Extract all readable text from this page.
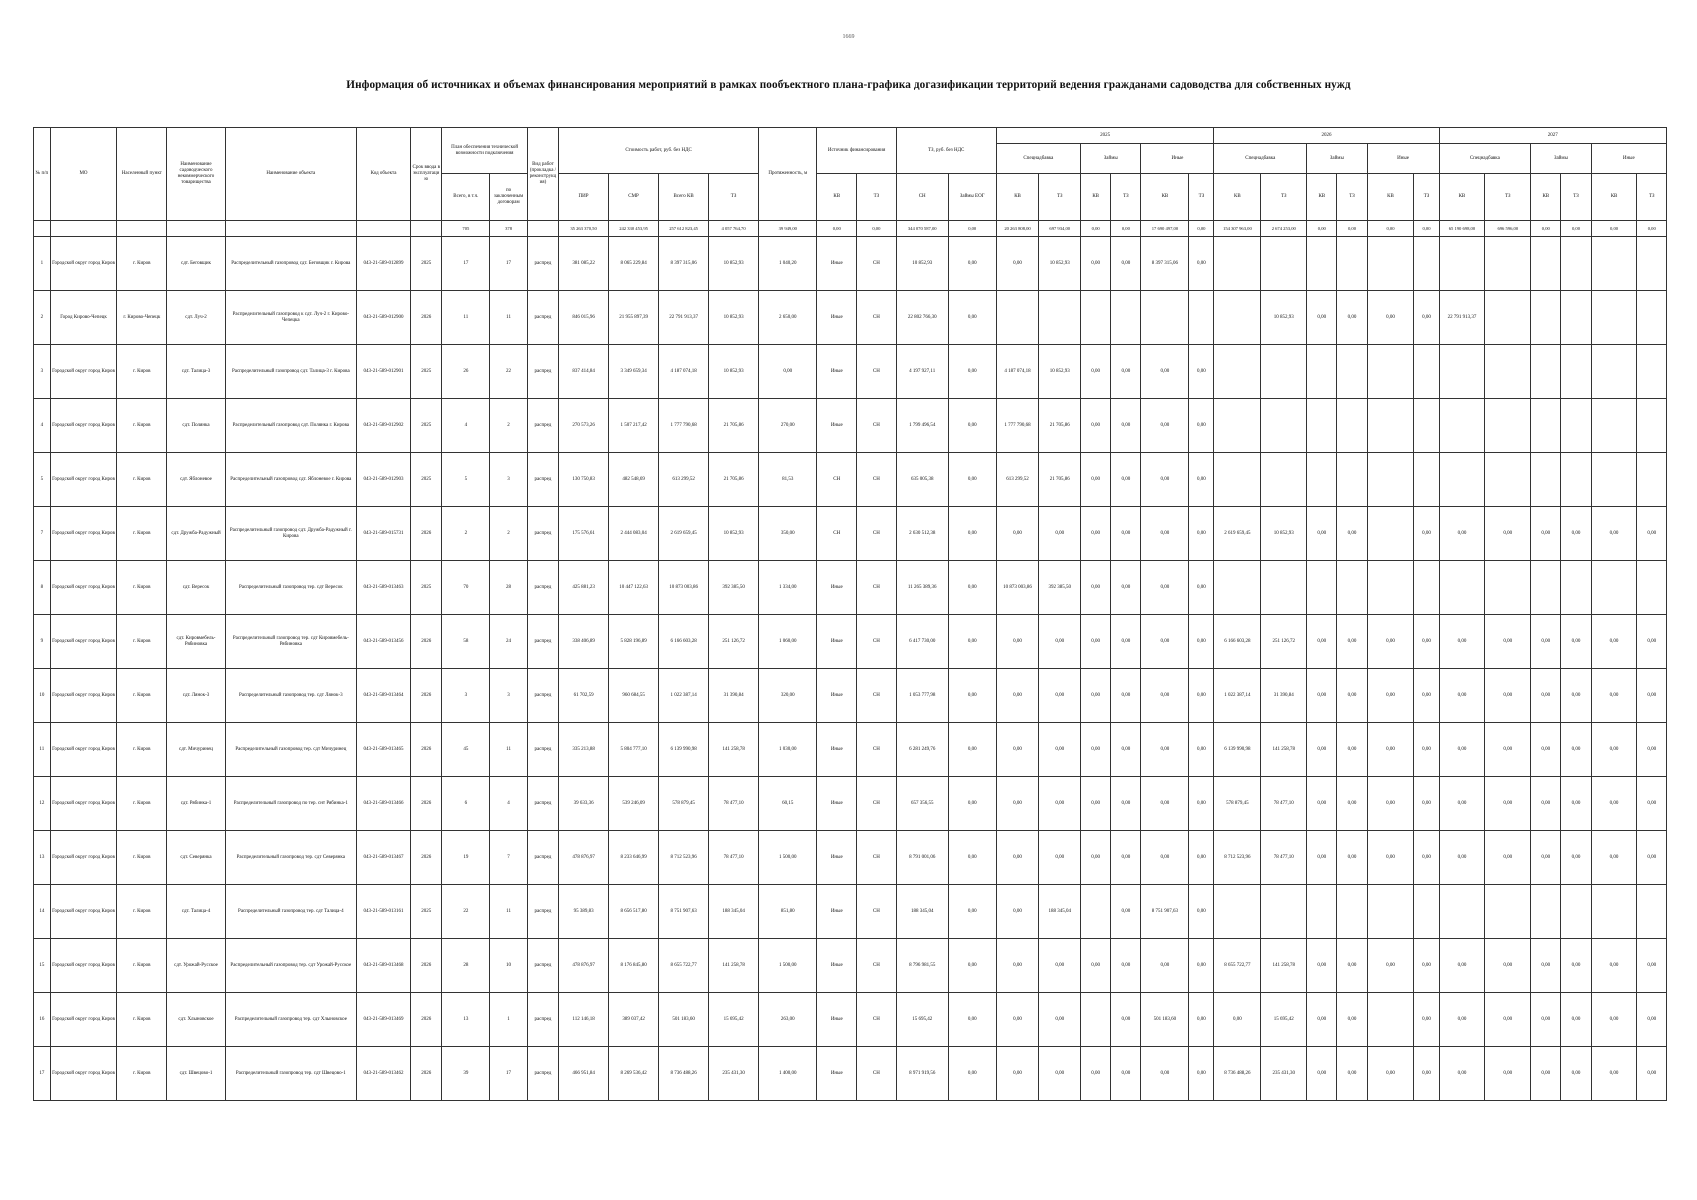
1669
Информация об источниках и объемах финансирования мероприятий в рамках пообъектного плана-графика догазификации территорий ведения гражданами садоводства для собственных нужд
№ п/п	МО	Населенный пункт	Наименование садоводческого некоммерческого товарищества	Наименование объекта	Код объекта	Срок ввода в эксплуатацию	План обеспечения технической возможности подключения		Вид работ (прокладка / реконструкция)	Стоимость работ, руб. без НДС				Протяженность, м	Источник финансирования		ТЗ, руб. без НДС		2025						2026						2027					
																			Спецнадбавка		Займы		Иные		Спецнадбавка		Займы		Иные		Спецнадбавка		Займы		Иные	
							Всего, в т.ч.	по заключенным договорам		ПИР	СМР	Всего КВ	ТЗ		КВ	ТЗ	СН	Займы ЕОГ	КВ	ТЗ	КВ	ТЗ	КВ	ТЗ	КВ	ТЗ	КВ	ТЗ	КВ	ТЗ	КВ	ТЗ	КВ	ТЗ	КВ	ТЗ
							705	378		35 263 370,50	242 330 453,95	257 612 823,45	4 057 764,70	39 949,00	0,00	0,00	344 070 587,00	0,00	20 263 808,00	697 934,00	0,00	0,00	17 690 497,00	0,00	154 307 963,00	2 674 253,00	0,00	0,00	0,00	0,00	65 190 698,00	696 596,00	0,00	0,00	0,00	0,00
1	Городской округ город Киров	г. Киров	сдт. Беговщик	Распределительный газопровод сдт. Беговщик г. Кирова	043-21-589-012899	2025	17	17	распред	381 085,22	8 065 229,84	8 397 315,06	10 852,93	1 040,20	Иные	СН	10 852,93	0,00	0,00	10 852,93	0,00	0,00	8 397 315,06	0,00												
2	Город Кирово-Чепецк	г. Кирово-Чепецк	сдт. Луч-2	Распределительный газопровод к сдт. Луч-2 г. Кирово-Чепецка	043-21-589-012900	2026	11	11	распред	846 015,96	21 955 897,39	22 791 913,37	10 852,93	2 650,00	Иные	СН	22 802 766,30	0,00								10 852,93	0,00	0,00	0,00	0,00	22 791 913,37					
3	Городской округ город Киров	г. Киров	сдт. Талица-3	Распределительный газопровод сдт. Талица-3 г. Кирова	043-21-589-012901	2025	26	22	распред	837 414,84	3 349 659,34	4 187 074,18	10 852,93	0,00	Иные	СН	4 197 927,11	0,00	4 187 074,18	10 852,93	0,00	0,00	0,00	0,00												
4	Городской округ город Киров	г. Киров	сдт. Полянка	Распределительный газопровод сдт. Полянка г. Кирова	043-21-589-012902	2025	4	2	распред	270 573,26	1 507 217,42	1 777 790,68	21 705,86	270,00	Иные	СН	1 799 496,54	0,00	1 777 790,68	21 705,86	0,00	0,00	0,00	0,00												
5	Городской округ город Киров	г. Киров	сдт. Яблоневое	Распределительный газопровод сдт. Яблоневое г. Кирова	043-21-589-012903	2025	5	3	распред	130 750,83	482 548,69	613 299,52	21 705,86	81,53	СН	СН	635 005,38	0,00	613 299,52	21 705,86	0,00	0,00	0,00	0,00												
7	Городской округ город Киров	г. Киров	сдт. Дружба-Радужный	Распределительный газопровод сдт. Дружба-Радужный г. Кирова	043-21-589-015731	2026	2	2	распред	175 576,61	2 444 083,04	2 619 659,45	10 852,93	350,00	СН	СН	2 630 512,38	0,00	0,00	0,00	0,00	0,00	0,00	0,00	2 619 659,45	10 852,93	0,00	0,00		0,00	0,00	0,00	0,00	0,00	0,00	0,00
8	Городской округ город Киров	г. Киров	сдт. Вересок	Распределительный газопровод тер. сдт Вересок	043-21-589-013463	2025	70	28	распред	425 881,23	10 447 122,63	10 873 003,86	392 385,50	1 334,00	Иные	СН	11 265 389,36	0,00	10 873 003,86	392 385,50	0,00	0,00	0,00	0,00												
9	Городской округ город Киров	г. Киров	сдт. Кировмебель-Рябиновка	Распределительный газопровод тер. сдт Кировмебель-Рябиновка	043-21-589-013456	2026	58	24	распред	338 406,89	5 828 196,89	6 166 603,28	251 126,72	1 060,00	Иные	СН	6 417 730,00	0,00	0,00	0,00	0,00	0,00	0,00	0,00	6 166 603,28	251 126,72	0,00	0,00	0,00	0,00	0,00	0,00	0,00	0,00	0,00	0,00
10	Городской округ город Киров	г. Киров	сдт. Лянок-3	Распределительный газопровод тер. сдт Лянок-3	043-21-589-013464	2026	3	3	распред	61 702,59	960 684,55	1 022 387,14	31 390,84	320,00	Иные	СН	1 053 777,98	0,00	0,00	0,00	0,00	0,00	0,00	0,00	1 022 387,14	31 390,84	0,00	0,00	0,00	0,00	0,00	0,00	0,00	0,00	0,00	0,00
11	Городской округ город Киров	г. Киров	сдт. Мичуринец	Распределительный газопровод тер. сдт Мичуринец	043-21-589-013465	2026	45	11	распред	335 213,88	5 804 777,10	6 139 990,98	141 258,78	1 030,00	Иные	СН	6 281 249,76	0,00	0,00	0,00	0,00	0,00	0,00	0,00	6 139 990,98	141 258,78	0,00	0,00	0,00	0,00	0,00	0,00	0,00	0,00	0,00	0,00
12	Городской округ город Киров	г. Киров	сдт. Рябинка-1	Распределительный газопровод по тер. снт Рябинка-1	043-21-589-013466	2026	6	4	распред	39 633,36	539 246,09	578 879,45	78 477,10	60,15	Иные	СН	657 356,55	0,00	0,00	0,00	0,00	0,00	0,00	0,00	578 879,45	78 477,10	0,00	0,00	0,00	0,00	0,00	0,00	0,00	0,00	0,00	0,00
13	Городской округ город Киров	г. Киров	сдт. Северянка	Распределительный газопровод тер. сдт Северянка	043-21-589-013467	2026	19	7	распред	478 876,97	8 233 646,99	8 712 523,96	78 477,10	1 500,00	Иные	СН	8 791 001,06	0,00	0,00	0,00	0,00	0,00	0,00	0,00	8 712 523,96	78 477,10	0,00	0,00	0,00	0,00	0,00	0,00	0,00	0,00	0,00	0,00
14	Городской округ город Киров	г. Киров	сдт. Талица-4	Распределительный газопровод тер. сдт Талица-4	043-21-589-013161	2025	22	11	распред	95 389,83	8 656 517,80	8 751 907,63	188 345,04	851,80	Иные	СН	188 345,04	0,00	0,00	188 345,04		0,00	8 751 907,63	0,00												
15	Городской округ город Киров	г. Киров	сдт. Урожай-Русское	Распределительный газопровод тер. сдт Урожай-Русское	043-21-589-013468	2026	28	10	распред	478 876,97	8 176 845,80	8 655 722,77	141 258,78	1 500,00	Иные	СН	8 796 981,55	0,00	0,00	0,00	0,00	0,00	0,00	0,00	8 655 722,77	141 258,78	0,00	0,00	0,00	0,00	0,00	0,00	0,00	0,00	0,00	0,00
16	Городской округ город Киров	г. Киров	сдт. Хлыновское	Распределительный газопровод тер. сдт Хлыновское	043-21-589-013469	2026	13	1	распред	112 146,18	389 037,42	501 183,60	15 695,42	263,00	Иные	СН	15 695,42	0,00	0,00	0,00		0,00	501 183,60	0,00	0,00	15 695,42	0,00	0,00		0,00	0,00	0,00	0,00	0,00	0,00	0,00
17	Городской округ город Киров	г. Киров	сдт. Швецово-1	Распределительный газопровод тер. сдт Швецово-1	043-21-589-013462	2026	39	17	распред	466 951,84	8 269 536,42	8 736 488,26	235 431,30	1 400,00	Иные	СН	8 971 919,56	0,00	0,00	0,00	0,00	0,00	0,00	0,00	8 736 488,26	235 431,30	0,00	0,00	0,00	0,00	0,00	0,00	0,00	0,00	0,00	0,00
